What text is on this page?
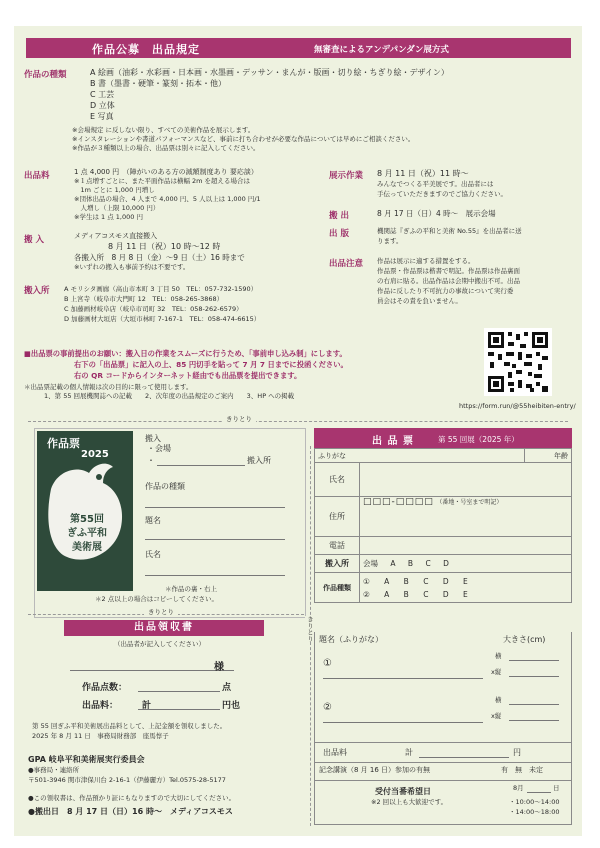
作品公募　出品規定	無審査によるアンデパンダン展方式
作品の種類	A 絵画（油彩・水彩画・日本画・水墨画・デッサン・まんが・版画・切り絵・ちぎり絵・デザイン）
B 書（墨書・硬筆・篆刻・拓本・他）
C 工芸
D 立体
E 写真
※会場規定 に反しない限り、すべての美術作品を展示します。
※インスタレーションや書道パフォーマンスなど、事前に打ち合わせが必要な作品については早めにご相談ください。
※作品が３種類以上の場合、出品票は別々に記入してください。
出品料	1 点 4,000 円　（障がいのある方の減額制度あり 要応談）
※１点増すごとに、また平面作品は横幅 2m を超える場合は
　1m ごとに 1,000 円増し
※団体出品の場合、4 人まで 4,000 円、5 人以上は 1,000 円/1
　人増し（上限 10,000 円）
※学生は 1 点 1,000 円
搬 入	メディアコスモス直接搬入
8 月 11 日（祝）10 時〜12 時
各搬入所　8 月 8 日（金）〜9 日（土）16 時まで
※いずれの搬入も事前予約は不要です。
搬入所 A モリシタ画廊（高山市本町 3 丁目 50　TEL：057-732-1590）
B 上宮寺（岐阜市大門町 12　TEL：058-265-3868）
C 加藤画材岐阜店（岐阜市司町 32　TEL：058-262-6579）
D 加藤画材大垣店（大垣市林町 7-167-1　TEL：058-474-6615）
展示作業 8 月 11 日（祝）11 時〜
みんなでつくる平美展です。出品者には
手伝っていただきますのでご協力ください。
搬 出	8 月 17 日（日）4 時〜　展示会場
出 版	機関誌『ぎふの平和と美術 No.55』を出品者に送
ります。
出品注意 作品は展示に適する措置をする。
作品票・作品票は楷書で明記。作品票は作品裏面
の右肩に貼る。出品作品は会期中搬出不可。出品
作品に反したり不可抗力の事故について実行委
員会はその責を負いません。
■出品票の事前提出のお願い：搬入日の作業をスムーズに行うため、「事前申し込み制」にします。
右下の「出品票」に記入の上、85 円切手を貼って 7 月 7 日までに投函ください。
右の QR コードからインターネット経由でも出品票を提出できます。
＊出品票記載の個人情報は次の目的に限って使用します。
1、第 55 回展機関誌への記載　　2、次年度の出品規定のご案内　　3、HP への掲載
https://form.run/@55heibiten-entry/
きりとり
作品票
2025
第55回
ぎふ平和
美術展
搬入
・会場
・	搬入所
作品の種類
題名
氏名
＊作品の裏・右上
＊2 点以上の場合はコピーしてください。
きりとり
出品領収書
（出品者が記入してください）
様
作品点数：	点
出品料：	計	円也
第 55 回ぎふ平和美術展出品料として、上記金額を領収しました。
2025 年 8 月 11 日　事務局財務部　座馬惇子
GPA 岐阜平和美術展実行委員会
●事務局・連絡所
〒501-3946 関市津保川台 2-16-1（伊藤麗方）Tel.0575-28-5177
●この領収書は、作品預かり証にもなりますので大切にしてください。
●搬出日　8 月 17 日（日）16 時〜　メディアコスモス
きりとり
出 品 票	第 55 回展（2025 年）
ふりがな		年齢
氏名		
住所	□□□-□□□□ （番地・号室まで明記）	
電話		
搬入所	会場 A B C D	
作品種類	① A B C D E
② A B C D E	
題名（ふりがな）	大きさ(cm)
①
横
x縦
②
横
x縦
出品料	計	円
記念講演（8 月 16 日）参加の有無	有　無　未定
受付当番希望日
※2 回以上も大歓迎です。
8月	日
・10:00〜14:00
・14:00〜18:00
